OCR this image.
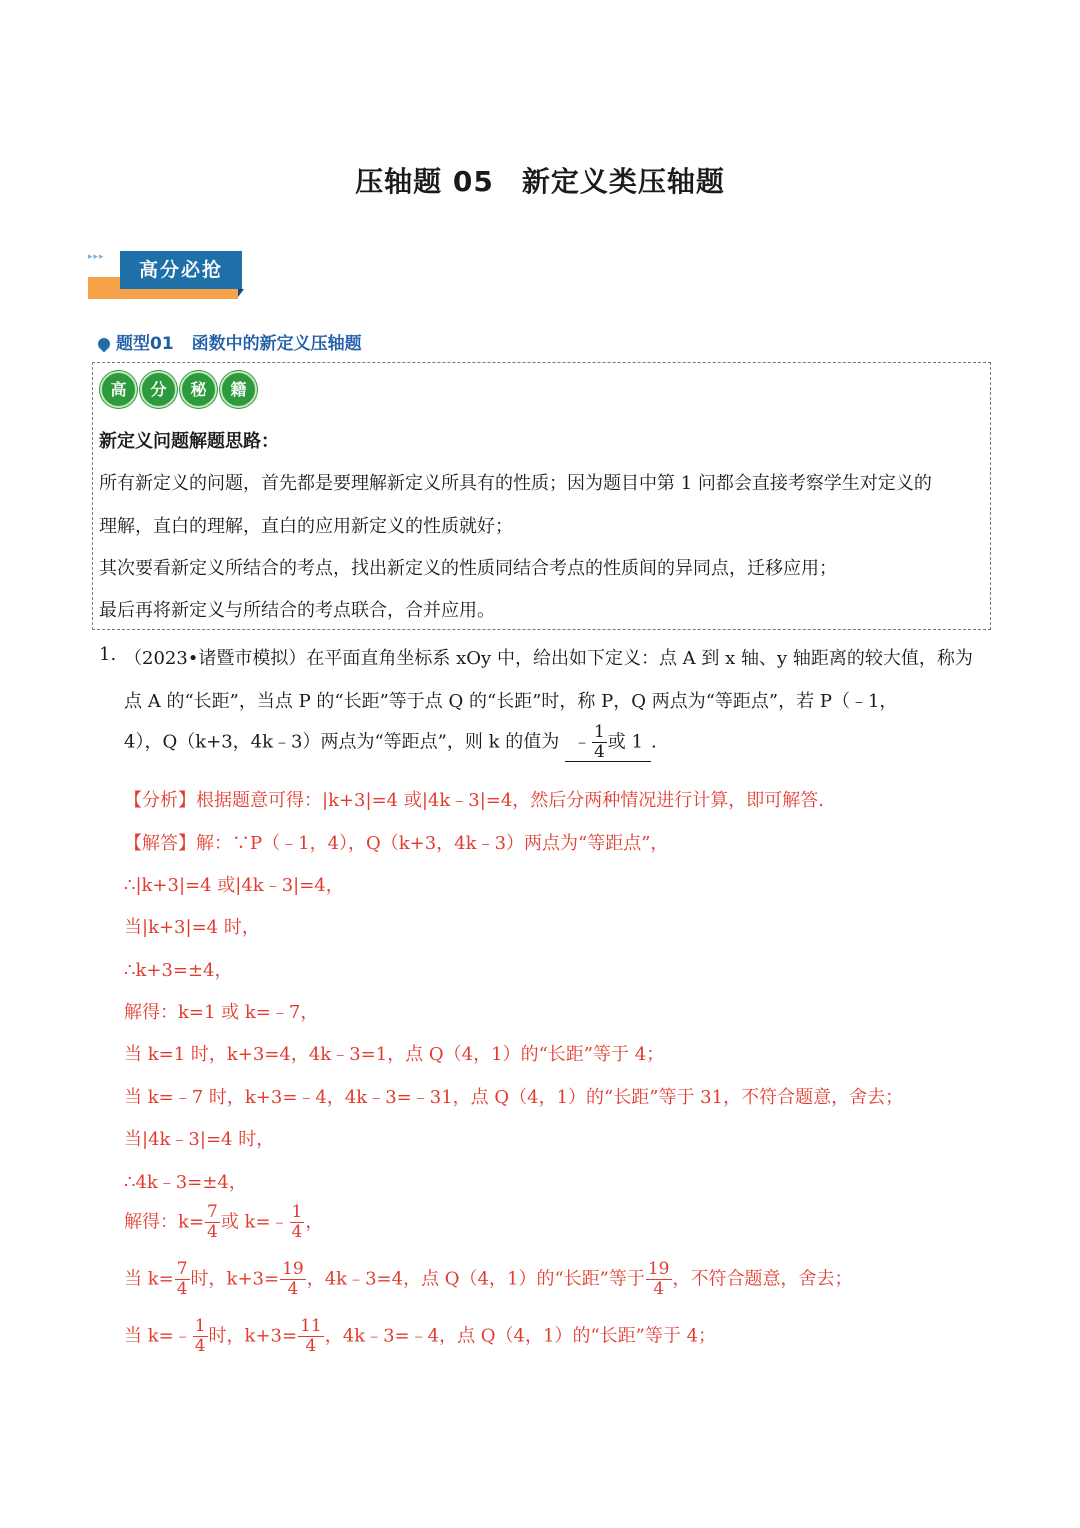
压轴题 05 新定义类压轴题
▸▸▸
高分必抢
题型01 函数中的新定义压轴题
高 分 秘 籍
新定义问题解题思路：
所有新定义的问题，首先都是要理解新定义所具有的性质；因为题目中第 1 问都会直接考察学生对定义的
理解，直白的理解，直白的应用新定义的性质就好；
其次要看新定义所结合的考点，找出新定义的性质同结合考点的性质间的异同点，迁移应用；
最后再将新定义与所结合的考点联合，合并应用。
1. （2023•诸暨市模拟）在平面直角坐标系 xOy 中，给出如下定义：点 A 到 x 轴、y 轴距离的较大值，称为
点 A 的“长距”，当点 P 的“长距”等于点 Q 的“长距”时，称 P，Q 两点为“等距点”，若 P（﹣1，
4），Q（k+3，4k﹣3）两点为“等距点”，则 k 的值为 ﹣ $\frac{1}{4}$ 或 1 .
【分析】根据题意可得：|k+3|=4 或|4k﹣3|=4，然后分两种情况进行计算，即可解答.
【解答】解：∵P（﹣1，4），Q（k+3，4k﹣3）两点为“等距点”，
∴|k+3|=4 或|4k﹣3|=4，
当|k+3|=4 时，
∴k+3=±4，
解得：k=1 或 k=﹣7，
当 k=1 时，k+3=4，4k﹣3=1，点 Q（4，1）的“长距”等于 4；
当 k=﹣7 时，k+3=﹣4，4k﹣3=﹣31，点 Q（4，1）的“长距”等于 31，不符合题意，舍去；
当|4k﹣3|=4 时，
∴4k﹣3=±4，
解得：$k= \frac{7}{4}$ 或 k=﹣ $\frac{1}{4}$ ，
当 $k= \frac{7}{4}$ 时，$k+3= \frac{19}{4}$ ，4k﹣3=4，点 Q（4，1）的“长距”等于 $\frac{19}{4}$ ，不符合题意，舍去；
当 k=﹣ $\frac{1}{4}$ 时，$k+3= \frac{11}{4}$ ，4k﹣3=﹣4，点 Q（4，1）的“长距”等于 4；
